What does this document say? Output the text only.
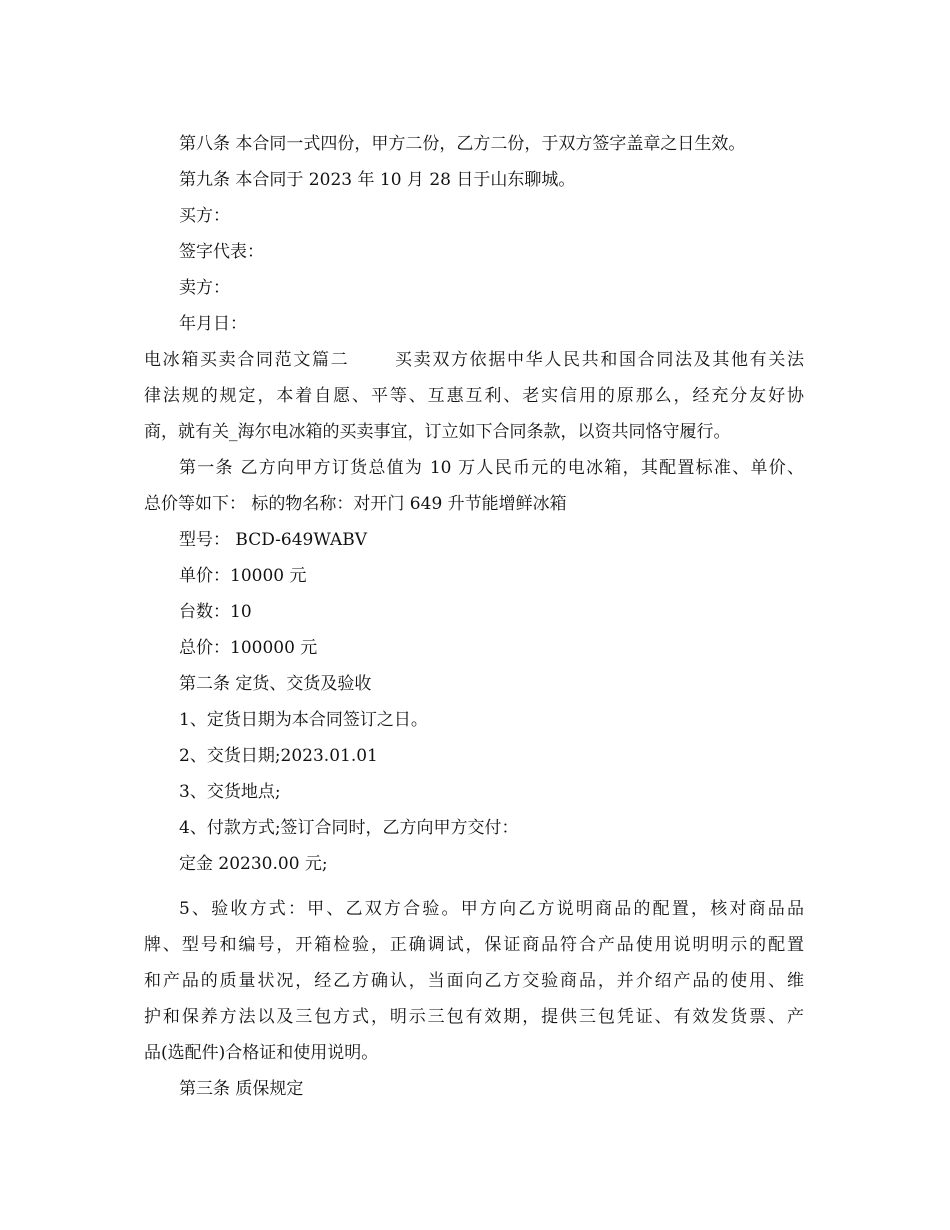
第八条 本合同一式四份，甲方二份，乙方二份，于双方签字盖章之日生效。
第九条 本合同于 2023 年 10 月 28 日于山东聊城。
买方：
签字代表：
卖方：
年月日：
电冰箱买卖合同范文篇二	买卖双方依据中华人民共和国合同法及其他有关法
律法规的规定，本着自愿、平等、互惠互利、老实信用的原那么，经充分友好协
商，就有关_海尔电冰箱的买卖事宜，订立如下合同条款，以资共同恪守履行。
第一条 乙方向甲方订货总值为 10 万人民币元的电冰箱，其配置标准、单价、
总价等如下： 标的物名称：对开门 649 升节能增鲜冰箱
型号： BCD-649WABV
单价：10000 元
台数：10
总价：100000 元
第二条 定货、交货及验收
1、定货日期为本合同签订之日。
2、交货日期;2023.01.01
3、交货地点;
4、付款方式;签订合同时，乙方向甲方交付：
定金 20230.00 元;
5、验收方式：甲、乙双方合验。甲方向乙方说明商品的配置，核对商品品
牌、型号和编号，开箱检验，正确调试，保证商品符合产品使用说明明示的配置
和产品的质量状况，经乙方确认，当面向乙方交验商品，并介绍产品的使用、维
护和保养方法以及三包方式，明示三包有效期，提供三包凭证、有效发货票、产
品(选配件)合格证和使用说明。
第三条 质保规定
